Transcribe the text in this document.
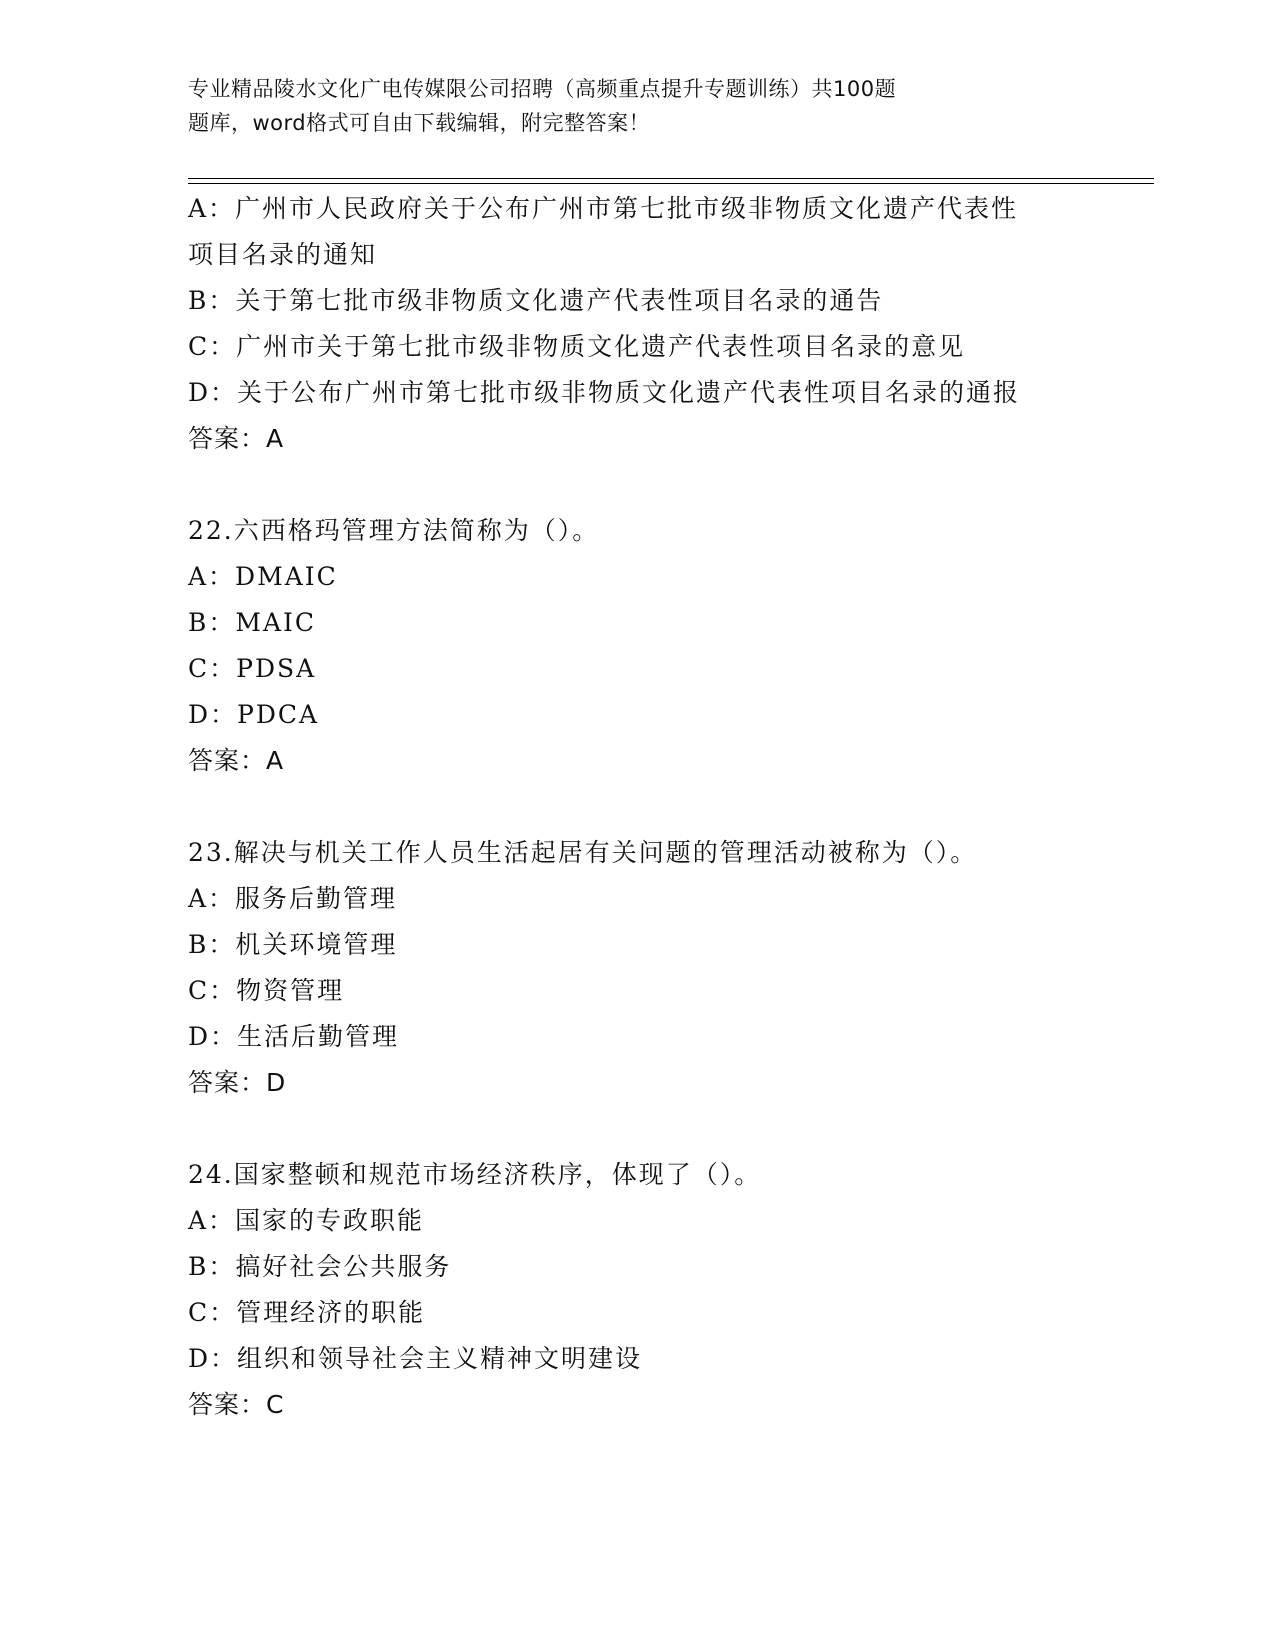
专业精品陵水文化广电传媒限公司招聘（高频重点提升专题训练）共100题
题库，word格式可自由下载编辑，附完整答案！
A：广州市人民政府关于公布广州市第七批市级非物质文化遗产代表性
项目名录的通知
B：关于第七批市级非物质文化遗产代表性项目名录的通告
C：广州市关于第七批市级非物质文化遗产代表性项目名录的意见
D：关于公布广州市第七批市级非物质文化遗产代表性项目名录的通报
答案：A
22.六西格玛管理方法简称为（）。
A：DMAIC
B：MAIC
C：PDSA
D：PDCA
答案：A
23.解决与机关工作人员生活起居有关问题的管理活动被称为（）。
A：服务后勤管理
B：机关环境管理
C：物资管理
D：生活后勤管理
答案：D
24.国家整顿和规范市场经济秩序，体现了（）。
A：国家的专政职能
B：搞好社会公共服务
C：管理经济的职能
D：组织和领导社会主义精神文明建设
答案：C
